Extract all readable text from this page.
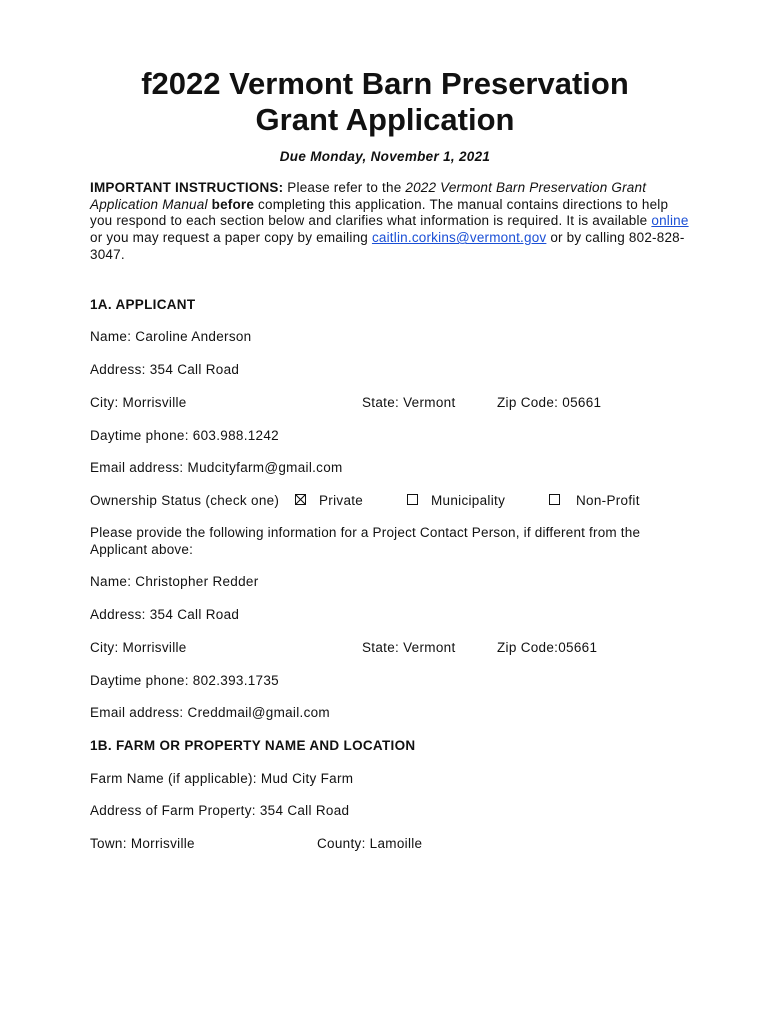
f2022 Vermont Barn Preservation
Grant Application
Due Monday, November 1, 2021
IMPORTANT INSTRUCTIONS: Please refer to the 2022 Vermont Barn Preservation Grant Application Manual before completing this application. The manual contains directions to help you respond to each section below and clarifies what information is required. It is available online or you may request a paper copy by emailing caitlin.corkins@vermont.gov or by calling 802-828-3047.
1A. APPLICANT
Name: Caroline Anderson
Address: 354 Call Road
City: Morrisville	State: Vermont	Zip Code: 05661
Daytime phone: 603.988.1242
Email address: Mudcityfarm@gmail.com
Ownership Status (check one)	Private	Municipality	Non-Profit
Please provide the following information for a Project Contact Person, if different from the Applicant above:
Name: Christopher Redder
Address: 354 Call Road
City: Morrisville	State: Vermont	Zip Code:05661
Daytime phone: 802.393.1735
Email address: Creddmail@gmail.com
1B. FARM OR PROPERTY NAME AND LOCATION
Farm Name (if applicable): Mud City Farm
Address of Farm Property: 354 Call Road
Town: Morrisville	County: Lamoille
